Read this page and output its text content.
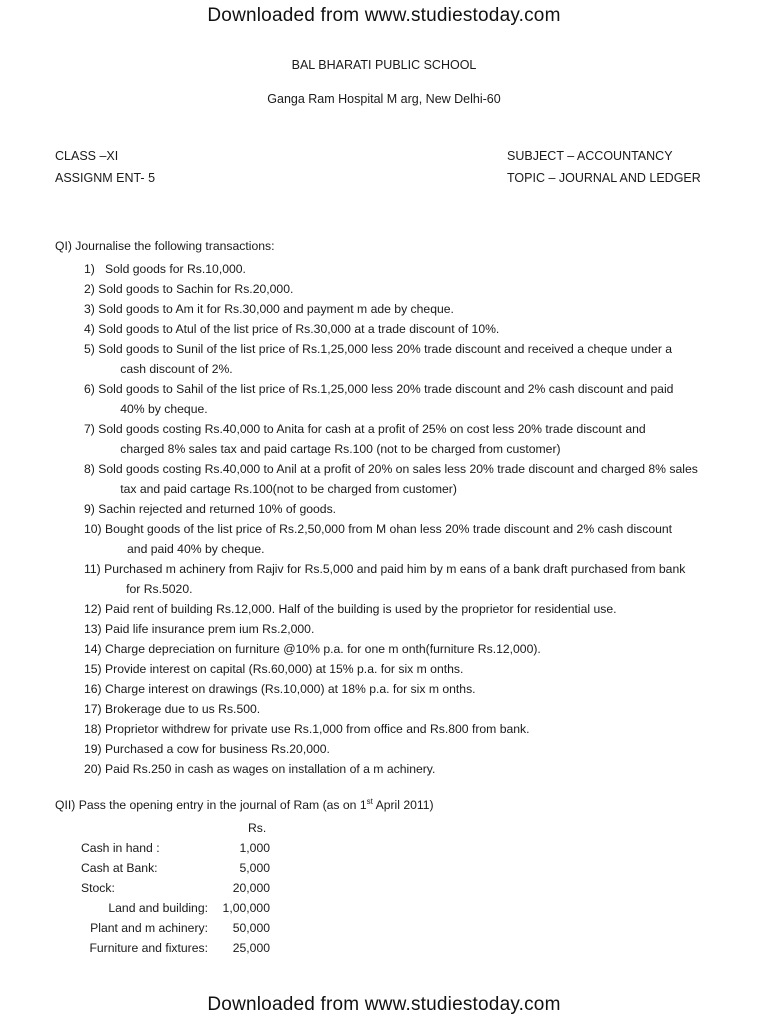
Downloaded from www.studiestoday.com
BAL BHARATI PUBLIC SCHOOL
Ganga Ram Hospital M arg, New Delhi-60
CLASS –XI
ASSIGNM ENT- 5
SUBJECT – ACCOUNTANCY
TOPIC – JOURNAL AND LEDGER
QI) Journalise the following transactions:
1) Sold goods for Rs.10,000.
2) Sold goods to Sachin for Rs.20,000.
3) Sold goods to Am it for Rs.30,000 and payment m ade by cheque.
4) Sold goods to Atul of the list price of Rs.30,000 at a trade discount of 10%.
5) Sold goods to Sunil of the list price of Rs.1,25,000 less 20% trade discount and received a cheque under a
cash discount of 2%.
6) Sold goods to Sahil of the list price of Rs.1,25,000 less 20% trade discount and 2% cash discount and paid
40% by cheque.
7) Sold goods costing Rs.40,000 to Anita for cash at a profit of 25% on cost less 20% trade discount and
charged 8% sales tax and paid cartage Rs.100 (not to be charged from customer)
8) Sold goods costing Rs.40,000 to Anil at a profit of 20% on sales less 20% trade discount and charged 8% sales
tax and paid cartage Rs.100(not to be charged from customer)
9) Sachin rejected and returned 10% of goods.
10) Bought goods of the list price of Rs.2,50,000 from M ohan less 20% trade discount and 2% cash discount
and paid 40% by cheque.
11) Purchased m achinery from Rajiv for Rs.5,000 and paid him by m eans of a bank draft purchased from bank
for Rs.5020.
12) Paid rent of building Rs.12,000. Half of the building is used by the proprietor for residential use.
13) Paid life insurance prem ium Rs.2,000.
14) Charge depreciation on furniture @10% p.a. for one m onth(furniture Rs.12,000).
15) Provide interest on capital (Rs.60,000) at 15% p.a. for six m onths.
16) Charge interest on drawings (Rs.10,000) at 18% p.a. for six m onths.
17) Brokerage due to us Rs.500.
18) Proprietor withdrew for private use Rs.1,000 from office and Rs.800 from bank.
19) Purchased a cow for business Rs.20,000.
20) Paid Rs.250 in cash as wages on installation of a m achinery.
QII) Pass the opening entry in the journal of Ram (as on 1st April 2011)
Rs.
Cash in hand :	1,000
Cash at Bank:	5,000
Stock:	20,000
Land and building:	1,00,000
Plant and m achinery:	50,000
Furniture and fixtures:	25,000
Downloaded from www.studiestoday.com
